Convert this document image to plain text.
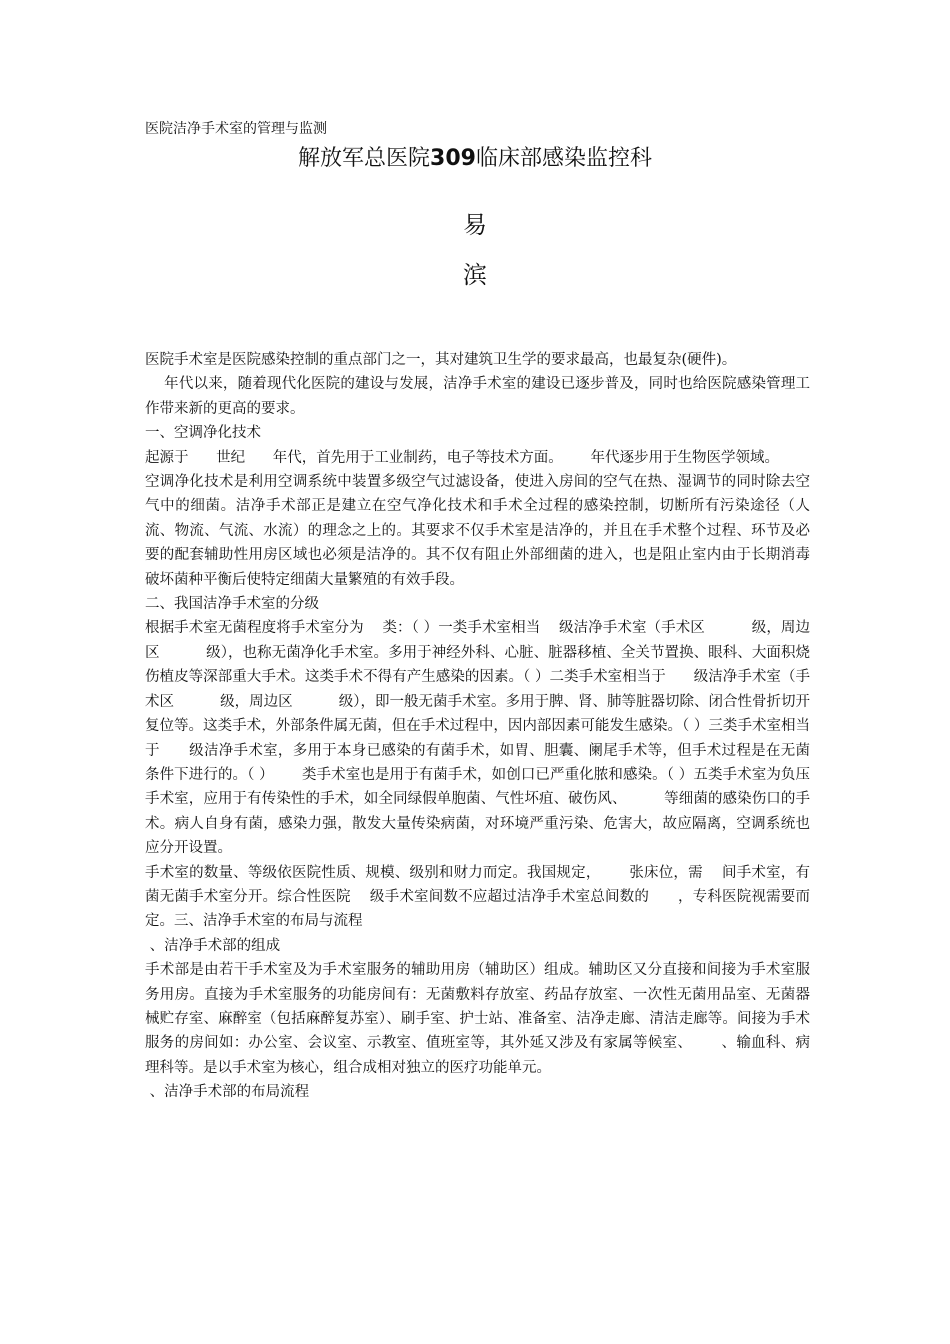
医院洁净手术室的管理与监测

解放军总医院309临床部感染监控科
易
滨

医院手术室是医院感染控制的重点部门之一，其对建筑卫生学的要求最高，也最复杂(硬件)。

年代以来，随着现代化医院的建设与发展，洁净手术室的建设已逐步普及，同时也给医院感染管理工作带来新的更高的要求。

一、空调净化技术

起源于      世纪      年代，首先用于工业制药，电子等技术方面。      年代逐步用于生物医学领域。

空调净化技术是利用空调系统中装置多级空气过滤设备，使进入房间的空气在热、湿调节的同时除去空气中的细菌。洁净手术部正是建立在空气净化技术和手术全过程的感染控制，切断所有污染途径（人流、物流、气流、水流）的理念之上的。其要求不仅手术室是洁净的，并且在手术整个过程、环节及必要的配套辅助性用房区域也必须是洁净的。其不仅有阻止外部细菌的进入，也是阻止室内由于长期消毒破坏菌种平衡后使特定细菌大量繁殖的有效手段。

二、我国洁净手术室的分级

根据手术室无菌程度将手术室分为    类：（ ）一类手术室相当    级洁净手术室（手术区          级，周边区          级），也称无菌净化手术室。多用于神经外科、心脏、脏器移植、全关节置换、眼科、大面积烧伤植皮等深部重大手术。这类手术不得有产生感染的因素。（ ）二类手术室相当于      级洁净手术室（手术区          级，周边区          级），即一般无菌手术室。多用于脾、肾、肺等脏器切除、闭合性骨折切开复位等。这类手术，外部条件属无菌，但在手术过程中，因内部因素可能发生感染。（ ）三类手术室相当于      级洁净手术室，多用于本身已感染的有菌手术，如胃、胆囊、阑尾手术等，但手术过程是在无菌条件下进行的。（ ）      类手术室也是用于有菌手术，如创口已严重化脓和感染。（ ）五类手术室为负压手术室，应用于有传染性的手术，如全同绿假单胞菌、气性坏疽、破伤风、        等细菌的感染伤口的手术。病人自身有菌，感染力强，散发大量传染病菌，对环境严重污染、危害大，故应隔离，空调系统也应分开设置。

手术室的数量、等级依医院性质、规模、级别和财力而定。我国规定，      张床位，需    间手术室，有菌无菌手术室分开。综合性医院    级手术室间数不应超过洁净手术室总间数的      ，专科医院视需要而定。三、洁净手术室的布局与流程

、洁净手术部的组成

手术部是由若干手术室及为手术室服务的辅助用房（辅助区）组成。辅助区又分直接和间接为手术室服务用房。直接为手术室服务的功能房间有：无菌敷料存放室、药品存放室、一次性无菌用品室、无菌器械贮存室、麻醉室（包括麻醉复苏室）、刷手室、护士站、准备室、洁净走廊、清洁走廊等。间接为手术服务的房间如：办公室、会议室、示教室、值班室等，其外延又涉及有家属等候室、      、输血科、病理科等。是以手术室为核心，组合成相对独立的医疗功能单元。

、洁净手术部的布局流程
